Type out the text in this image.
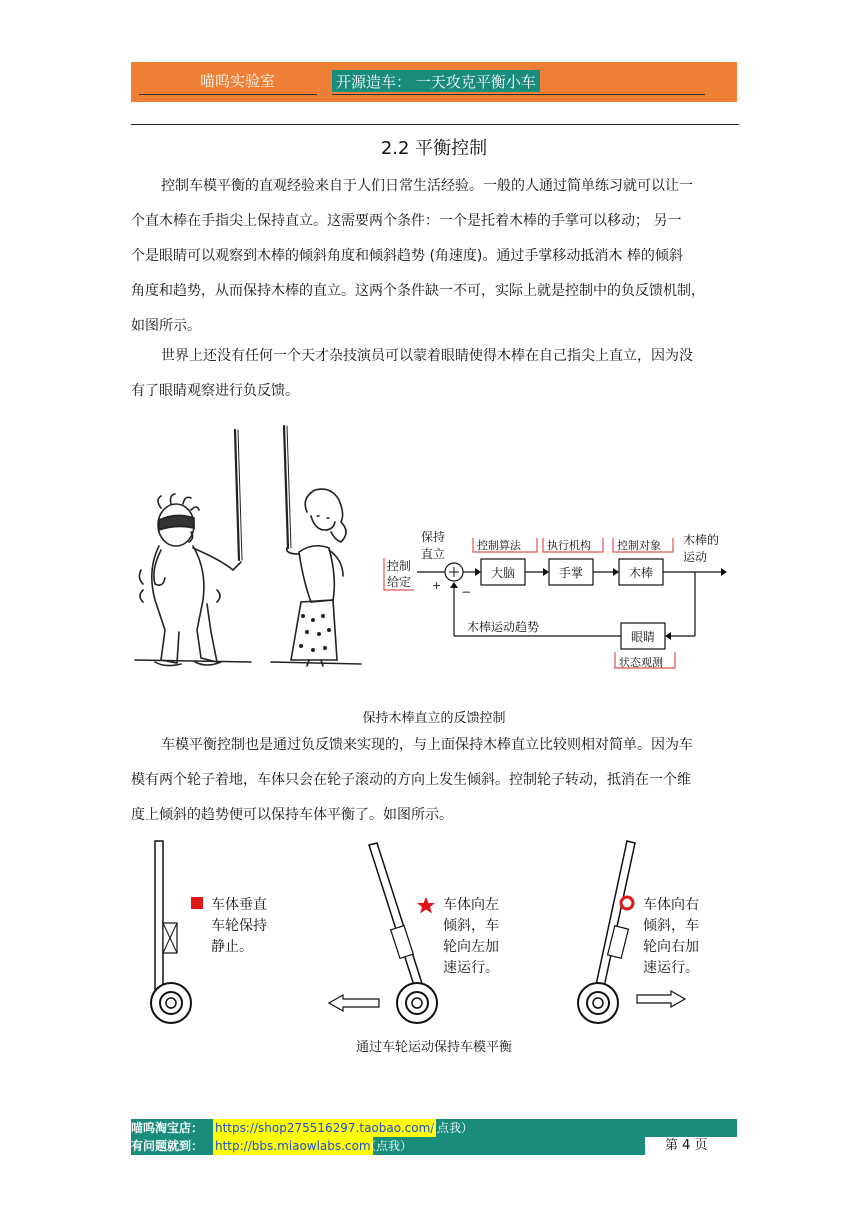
喵呜实验室	开源造车： 一天攻克平衡小车
2.2 平衡控制
控制车模平衡的直观经验来自于人们日常生活经验。一般的人通过简单练习就可以让一
个直木棒在手指尖上保持直立。这需要两个条件：一个是托着木棒的手掌可以移动； 另一
个是眼睛可以观察到木棒的倾斜角度和倾斜趋势 (角速度)。通过手掌移动抵消木 棒的倾斜
角度和趋势，从而保持木棒的直立。这两个条件缺一不可，实际上就是控制中的负反馈机制，
如图所示。
世界上还没有任何一个天才杂技演员可以蒙着眼睛使得木棒在自己指尖上直立，因为没
有了眼睛观察进行负反馈。
控制
给定
保持
直立
+ −
大脑	手掌	木棒
木棒的
运动
控制算法 执行机构 控制对象
眼睛
木棒运动趋势
状态观测
保持木棒直立的反馈控制
车模平衡控制也是通过负反馈来实现的，与上面保持木棒直立比较则相对简单。因为车
模有两个轮子着地，车体只会在轮子滚动的方向上发生倾斜。控制轮子转动，抵消在一个维
度上倾斜的趋势便可以保持车体平衡了。如图所示。
车体垂直
车轮保持
静止。
车体向左
倾斜，车
轮向左加
速运行。
车体向右
倾斜，车
轮向右加
速运行。
通过车轮运动保持车模平衡
喵呜淘宝店： https://shop275516297.taobao.com/
（点我）
有问题就到： http://bbs.miaowlabs.com
（点我）	第 4 页
